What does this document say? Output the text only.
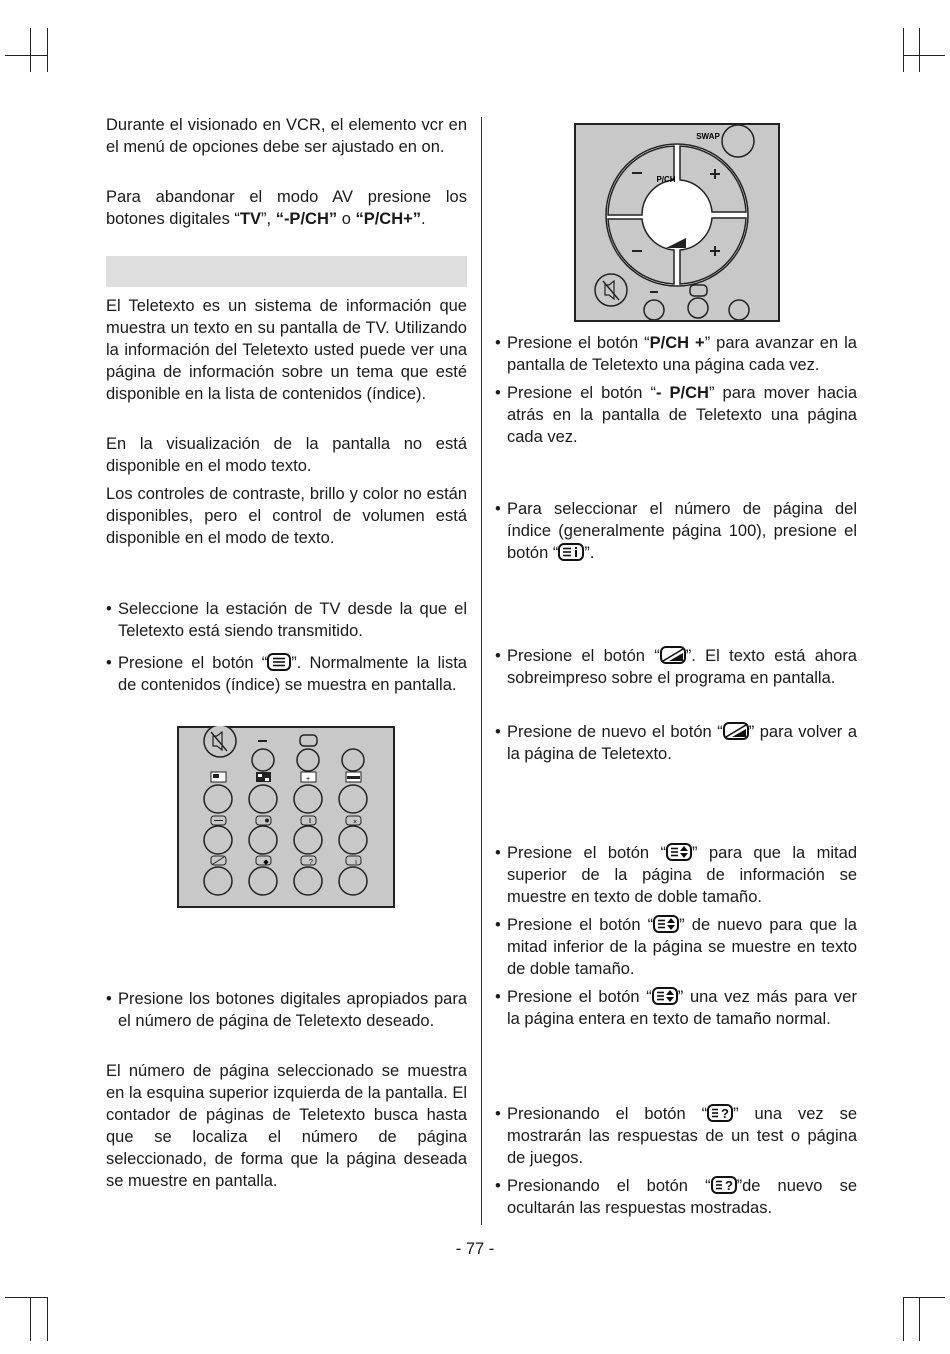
Durante el visionado en VCR, el elemento vcr en el menú de opciones debe ser ajustado en on.

Para abandonar el modo AV presione los botones digitales “TV”, “-P/CH” o “P/CH+”.

El Teletexto es un sistema de información que muestra un texto en su pantalla de TV. Utilizando la información del Teletexto usted puede ver una página de información sobre un tema que esté disponible en la lista de contenidos (índice).

En la visualización de la pantalla no está disponible en el modo texto.

Los controles de contraste, brillo y color no están disponibles, pero el control de volumen está disponible en el modo de texto.

• Seleccione la estación de TV desde la que el Teletexto está siendo transmitido.

• Presione el botón “ ”. Normalmente la lista de contenidos (índice) se muestra en pantalla.

+
×
◆	?	i

• Presione los botones digitales apropiados para el número de página de Teletexto deseado.

El número de página seleccionado se muestra en la esquina superior izquierda de la pantalla. El contador de páginas de Teletexto busca hasta que se localiza el número de página seleccionado, de forma que la página deseada se muestre en pantalla.

SWAP
P/CH

• Presione el botón “P/CH +” para avanzar en la pantalla de Teletexto una página cada vez.

• Presione el botón “- P/CH” para mover hacia atrás en la pantalla de Teletexto una página cada vez.

• Para seleccionar el número de página del índice (generalmente página 100), presione el botón “ ”.

• Presione el botón “ ”. El texto está ahora sobreimpreso sobre el programa en pantalla.

• Presione de nuevo el botón “ ” para volver a la página de Teletexto.

• Presione el botón “ ” para que la mitad superior de la página de información se muestre en texto de doble tamaño.

• Presione el botón “ ” de nuevo para que la mitad inferior de la página se muestre en texto de doble tamaño.

• Presione el botón “ ” una vez más para ver la página entera en texto de tamaño normal.

• Presionando el botón “ ? ” una vez se mostrarán las respuestas de un test o página de juegos.

• Presionando el botón “ ? ”de nuevo se ocultarán las respuestas mostradas.

- 77 -
